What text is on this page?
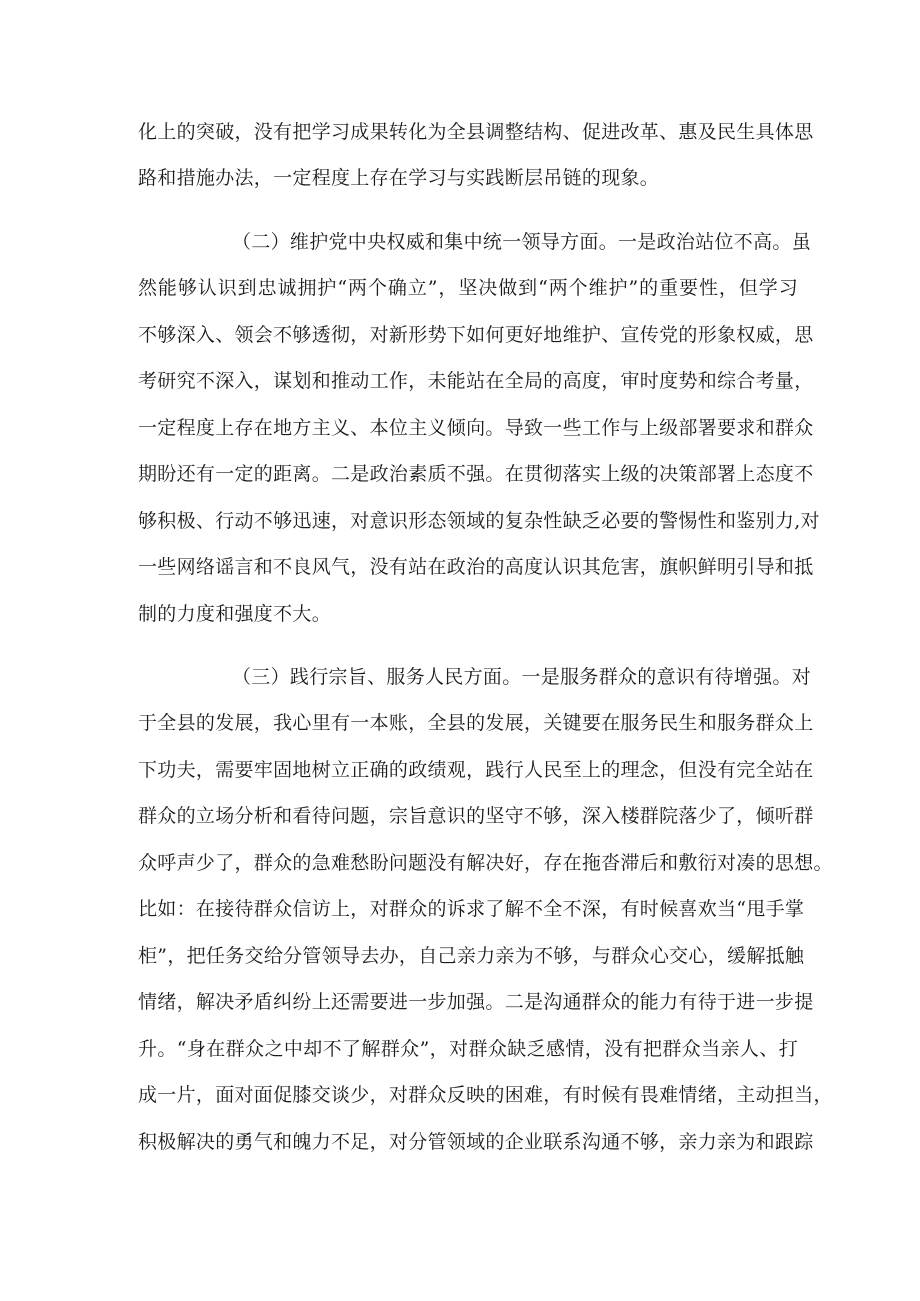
化上的突破，没有把学习成果转化为全县调整结构、促进改革、惠及民生具体思
路和措施办法，一定程度上存在学习与实践断层吊链的现象。
（二）维护党中央权威和集中统一领导方面。一是政治站位不高。虽
然能够认识到忠诚拥护“两个确立”，坚决做到“两个维护”的重要性，但学习
不够深入、领会不够透彻，对新形势下如何更好地维护、宣传党的形象权威，思
考研究不深入，谋划和推动工作，未能站在全局的高度，审时度势和综合考量，
一定程度上存在地方主义、本位主义倾向。导致一些工作与上级部署要求和群众
期盼还有一定的距离。二是政治素质不强。在贯彻落实上级的决策部署上态度不
够积极、行动不够迅速，对意识形态领域的复杂性缺乏必要的警惕性和鉴别力,对
一些网络谣言和不良风气，没有站在政治的高度认识其危害，旗帜鲜明引导和抵
制的力度和强度不大。
（三）践行宗旨、服务人民方面。一是服务群众的意识有待增强。对
于全县的发展，我心里有一本账，全县的发展，关键要在服务民生和服务群众上
下功夫，需要牢固地树立正确的政绩观，践行人民至上的理念，但没有完全站在
群众的立场分析和看待问题，宗旨意识的坚守不够，深入楼群院落少了，倾听群
众呼声少了，群众的急难愁盼问题没有解决好，存在拖沓滞后和敷衍对凑的思想。
比如：在接待群众信访上，对群众的诉求了解不全不深，有时候喜欢当“甩手掌
柜”，把任务交给分管领导去办，自己亲力亲为不够，与群众心交心，缓解抵触
情绪，解决矛盾纠纷上还需要进一步加强。二是沟通群众的能力有待于进一步提
升。“身在群众之中却不了解群众”，对群众缺乏感情，没有把群众当亲人、打
成一片，面对面促膝交谈少，对群众反映的困难，有时候有畏难情绪，主动担当，
积极解决的勇气和魄力不足，对分管领域的企业联系沟通不够，亲力亲为和跟踪
